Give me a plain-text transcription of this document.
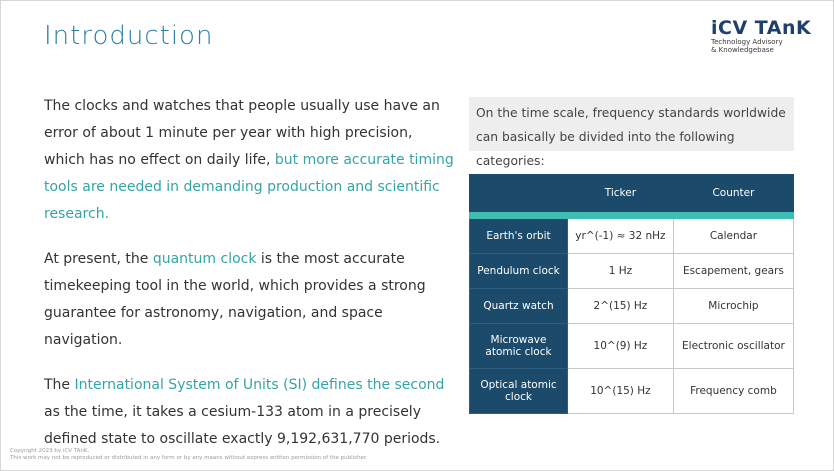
Introduction	iCV TAnK
Technology Advisory
& Knowledgebase

The clocks and watches that people usually use have an error of about 1 minute per year with high precision, which has no effect on daily life, but more accurate timing tools are needed in demanding production and scientific research.

At present, the quantum clock is the most accurate timekeeping tool in the world, which provides a strong guarantee for astronomy, navigation, and space navigation.

The International System of Units (SI) defines the second as the time, it takes a cesium-133 atom in a precisely defined state to oscillate exactly 9,192,631,770 periods.

On the time scale, frequency standards worldwide can basically be divided into the following categories:
	Ticker	Counter

Earth's orbit	yr^(-1) ≈ 32 nHz	Calendar
Pendulum clock	1 Hz	Escapement, gears
Quartz watch	2^(15) Hz	Microchip
Microwave atomic clock	10^(9) Hz	Electronic oscillator
Optical atomic clock	10^(15) Hz	Frequency comb
Copyright 2023 by iCV TAnK.
This work may not be reproduced or distributed in any form or by any means without express written permission of the publisher.
